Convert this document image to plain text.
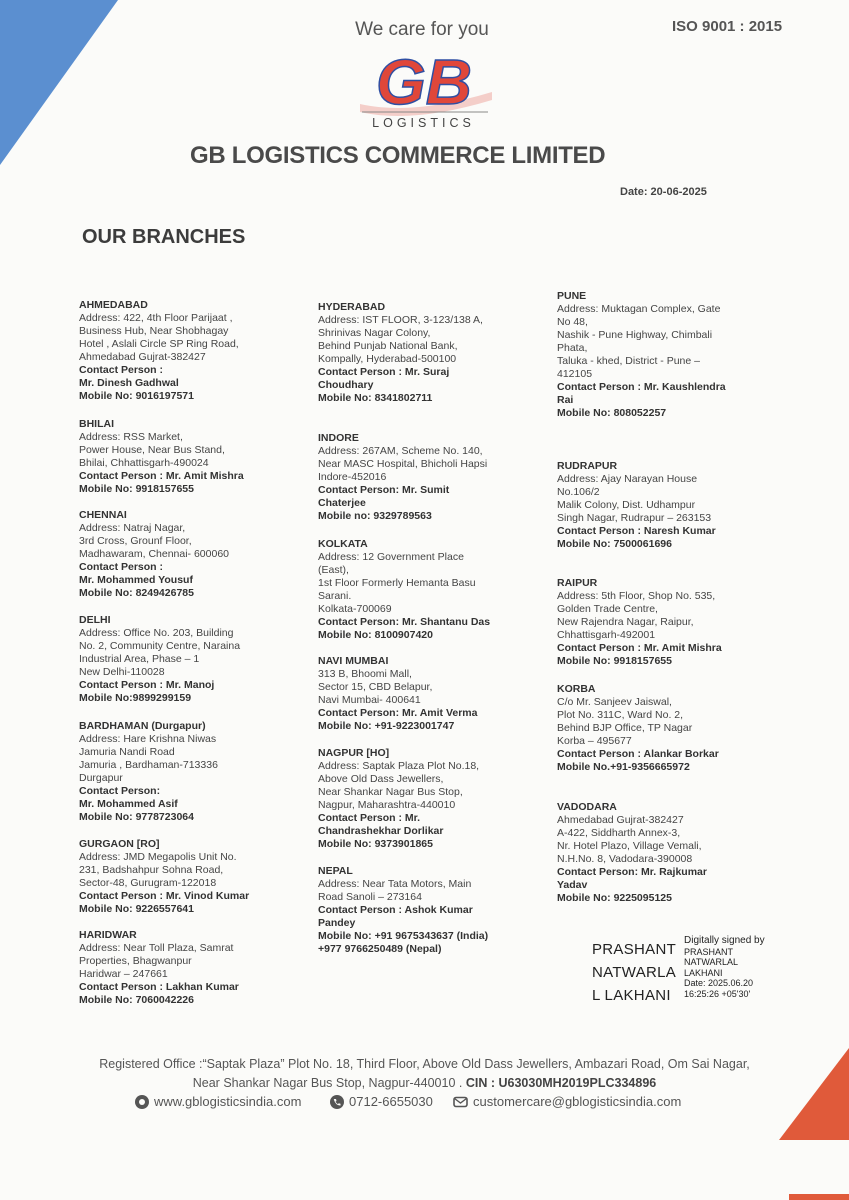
We care for you
GB
LOGISTICS
ISO 9001 : 2015
GB LOGISTICS COMMERCE LIMITED
Date: 20-06-2025
OUR BRANCHES
AHMEDABAD
Address: 422, 4th Floor Parijaat ,
Business Hub, Near Shobhagay
Hotel , Aslali Circle SP Ring Road,
Ahmedabad Gujrat-382427
Contact Person :
Mr. Dinesh Gadhwal
Mobile No: 9016197571
BHILAI
Address: RSS Market,
Power House, Near Bus Stand,
Bhilai, Chhattisgarh-490024
Contact Person : Mr. Amit Mishra
Mobile No: 9918157655
CHENNAI
Address: Natraj Nagar,
3rd Cross, Grounf Floor,
Madhawaram, Chennai- 600060
Contact Person :
Mr. Mohammed Yousuf
Mobile No: 8249426785
DELHI
Address: Office No. 203, Building
No. 2, Community Centre, Naraina
Industrial Area, Phase – 1
New Delhi-110028
Contact Person : Mr. Manoj
Mobile No:9899299159
BARDHAMAN (Durgapur)
Address: Hare Krishna Niwas
Jamuria Nandi Road
Jamuria , Bardhaman-713336
Durgapur
Contact Person:
Mr. Mohammed Asif
Mobile No: 9778723064
GURGAON [RO]
Address: JMD Megapolis Unit No.
231, Badshahpur Sohna Road,
Sector-48, Gurugram-122018
Contact Person : Mr. Vinod Kumar
Mobile No: 9226557641
HARIDWAR
Address: Near Toll Plaza, Samrat
Properties, Bhagwanpur
Haridwar – 247661
Contact Person : Lakhan Kumar
Mobile No: 7060042226
HYDERABAD
Address: IST FLOOR, 3-123/138 A,
Shrinivas Nagar Colony,
Behind Punjab National Bank,
Kompally, Hyderabad-500100
Contact Person : Mr. Suraj
Choudhary
Mobile No: 8341802711
INDORE
Address: 267AM, Scheme No. 140,
Near MASC Hospital, Bhicholi Hapsi
Indore-452016
Contact Person: Mr. Sumit
Chaterjee
Mobile no: 9329789563
KOLKATA
Address: 12 Government Place
(East),
1st Floor Formerly Hemanta Basu
Sarani.
Kolkata-700069
Contact Person: Mr. Shantanu Das
Mobile No: 8100907420
NAVI MUMBAI
313 B, Bhoomi Mall,
Sector 15, CBD Belapur,
Navi Mumbai- 400641
Contact Person: Mr. Amit Verma
Mobile No: +91-9223001747
NAGPUR [HO]
Address: Saptak Plaza Plot No.18,
Above Old Dass Jewellers,
Near Shankar Nagar Bus Stop,
Nagpur, Maharashtra-440010
Contact Person : Mr.
Chandrashekhar Dorlikar
Mobile No: 9373901865
NEPAL
Address: Near Tata Motors, Main
Road Sanoli – 273164
Contact Person : Ashok Kumar
Pandey
Mobile No: +91 9675343637 (India)
+977 9766250489 (Nepal)
PUNE
Address: Muktagan Complex, Gate
No 48,
Nashik - Pune Highway, Chimbali
Phata,
Taluka - khed, District - Pune –
412105
Contact Person : Mr. Kaushlendra
Rai
Mobile No: 808052257
RUDRAPUR
Address: Ajay Narayan House
No.106/2
Malik Colony, Dist. Udhampur
Singh Nagar, Rudrapur – 263153
Contact Person : Naresh Kumar
Mobile No: 7500061696
RAIPUR
Address: 5th Floor, Shop No. 535,
Golden Trade Centre,
New Rajendra Nagar, Raipur,
Chhattisgarh-492001
Contact Person : Mr. Amit Mishra
Mobile No: 9918157655
KORBA
C/o Mr. Sanjeev Jaiswal,
Plot No. 311C, Ward No. 2,
Behind BJP Office, TP Nagar
Korba – 495677
Contact Person : Alankar Borkar
Mobile No.+91-9356665972
VADODARA
Ahmedabad Gujrat-382427
A-422, Siddharth Annex-3,
Nr. Hotel Plazo, Village Vemali,
N.H.No. 8, Vadodara-390008
Contact Person: Mr. Rajkumar
Yadav
Mobile No: 9225095125
PRASHANT
NATWARLA
L LAKHANI
Digitally signed by
PRASHANT
NATWARLAL
LAKHANI
Date: 2025.06.20
16:25:26 +05'30'
Registered Office :“Saptak Plaza” Plot No. 18, Third Floor, Above Old Dass Jewellers, Ambazari Road, Om Sai Nagar,
Near Shankar Nagar Bus Stop, Nagpur-440010 . CIN : U63030MH2019PLC334896
www.gblogisticsindia.com	0712-6655030	customercare@gblogisticsindia.com
